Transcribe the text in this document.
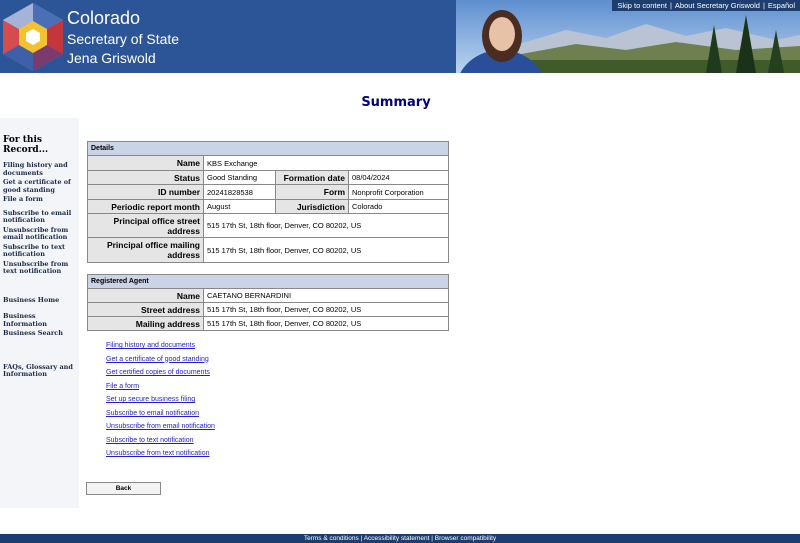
Colorado
Secretary of State
Jena Griswold
Skip to content | About Secretary Griswold | Español
Summary
For this Record...
Filing history and documents
Get a certificate of good standing
File a form
Subscribe to email notification
Unsubscribe from email notification
Subscribe to text notification
Unsubscribe from text notification
Business Home
Business Information
Business Search
FAQs, Glossary and Information
Details			
Name	KBS Exchange		
Status	Good Standing	Formation date	08/04/2024
ID number	20241828538	Form	Nonprofit Corporation
Periodic report month	August	Jurisdiction	Colorado
Principal office street address	515 17th St, 18th floor, Denver, CO 80202, US		
Principal office mailing address	515 17th St, 18th floor, Denver, CO 80202, US		
Registered Agent	
Name	CAETANO BERNARDINI
Street address	515 17th St, 18th floor, Denver, CO 80202, US
Mailing address	515 17th St, 18th floor, Denver, CO 80202, US
Filing history and documents
Get a certificate of good standing
Get certified copies of documents
File a form
Set up secure business filing
Subscribe to email notification
Unsubscribe from email notification
Subscribe to text notification
Unsubscribe from text notification
Back
Terms & conditions | Accessibility statement | Browser compatibility
